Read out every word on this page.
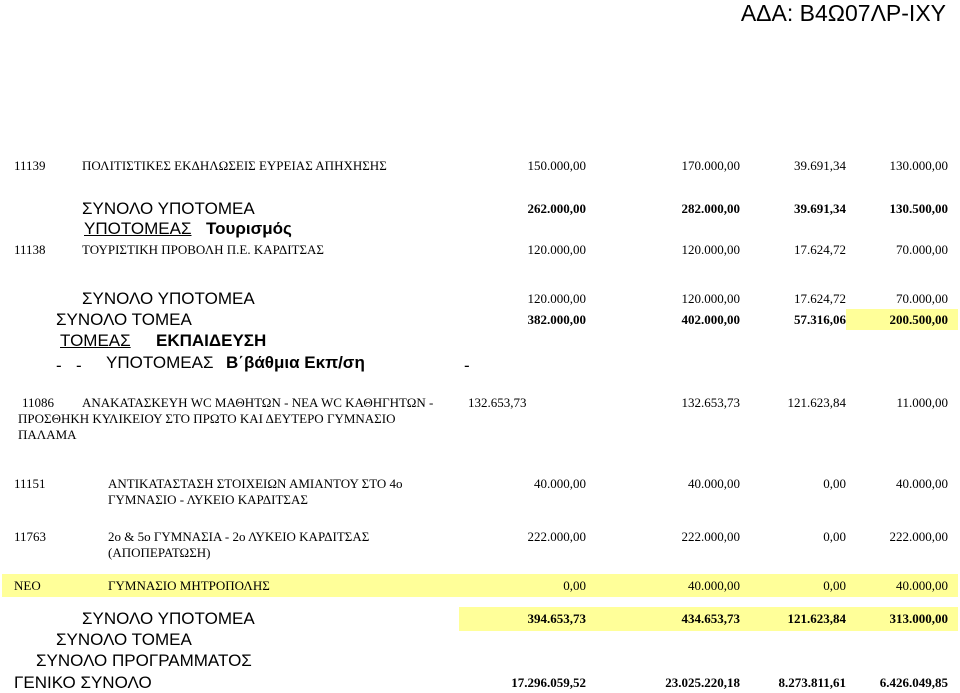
ΑΔΑ: Β4Ω07ΛΡ-ΙΧΥ
11139	ΠΟΛΙΤΙΣΤΙΚΕΣ ΕΚΔΗΛΩΣΕΙΣ ΕΥΡΕΙΑΣ ΑΠΗΧΗΣΗΣ	150.000,00	170.000,00	39.691,34	130.000,00
ΣΥΝΟΛΟ ΥΠΟΤΟΜΕΑ	262.000,00	282.000,00	39.691,34	130.500,00
ΥΠΟΤΟΜΕΑΣ Τουρισμός
11138	ΤΟΥΡΙΣΤΙΚΗ ΠΡΟΒΟΛΗ Π.Ε. ΚΑΡΔΙΤΣΑΣ	120.000,00	120.000,00	17.624,72	70.000,00
ΣΥΝΟΛΟ ΥΠΟΤΟΜΕΑ	120.000,00	120.000,00	17.624,72	70.000,00
ΣΥΝΟΛΟ ΤΟΜΕΑ	382.000,00	402.000,00	57.316,06	200.500,00
ΤΟΜΕΑΣ ΕΚΠΑΙΔΕΥΣΗ
- - ΥΠΟΤΟΜΕΑΣ Β΄βάθμια Εκπ/ση	-
11086 ΑΝΑΚΑΤΑΣΚΕΥΗ WC ΜΑΘΗΤΩΝ - ΝΕΑ WC ΚΑΘΗΓΗΤΩΝ -
ΠΡΟΣΘΗΚΗ ΚΥΛΙΚΕΙΟΥ ΣΤΟ ΠΡΩΤΟ ΚΑΙ ΔΕΥΤΕΡΟ ΓΥΜΝΑΣΙΟ
ΠΑΛΑΜΑ
132.653,73	132.653,73	121.623,84	11.000,00
11151	ΑΝΤΙΚΑΤΑΣΤΑΣΗ ΣΤΟΙΧΕΙΩΝ ΑΜΙΑΝΤΟΥ ΣΤΟ 4ο
ΓΥΜΝΑΣΙΟ - ΛΥΚΕΙΟ ΚΑΡΔΙΤΣΑΣ
40.000,00	40.000,00	0,00	40.000,00
11763	2ο & 5ο ΓΥΜΝΑΣΙΑ - 2ο ΛΥΚΕΙΟ ΚΑΡΔΙΤΣΑΣ
(ΑΠΟΠΕΡΑΤΩΣΗ)
222.000,00	222.000,00	0,00	222.000,00
ΝΕΟ	ΓΥΜΝΑΣΙΟ ΜΗΤΡΟΠΟΛΗΣ	0,00	40.000,00	0,00	40.000,00
ΣΥΝΟΛΟ ΥΠΟΤΟΜΕΑ	394.653,73	434.653,73	121.623,84	313.000,00
ΣΥΝΟΛΟ ΤΟΜΕΑ
ΣΥΝΟΛΟ ΠΡΟΓΡΑΜΜΑΤΟΣ
ΓΕΝΙΚΟ ΣΥΝΟΛΟ	17.296.059,52	23.025.220,18	8.273.811,61	6.426.049,85
